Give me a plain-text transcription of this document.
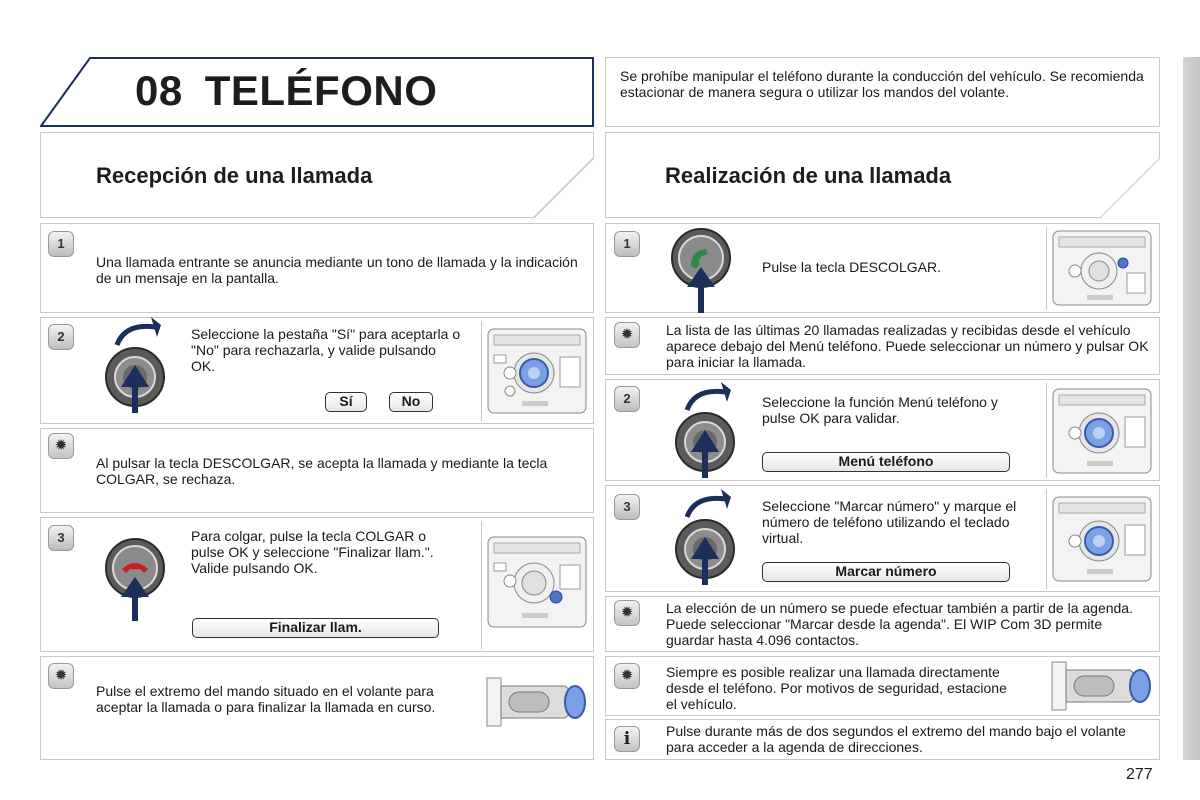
08 TELÉFONO	Se prohíbe manipular el teléfono durante la conducción del vehículo. Se recomienda estacionar de manera segura o utilizar los mandos del volante.
Recepción de una llamada
1
Una llamada entrante se anuncia mediante un tono de llamada y la indicación de un mensaje en la pantalla.
2	Seleccione la pestaña "Sí" para aceptarla o "No" para rechazarla, y valide pulsando OK.
Sí	No
✹
Al pulsar la tecla DESCOLGAR, se acepta la llamada y mediante la tecla COLGAR, se rechaza.
3	Para colgar, pulse la tecla COLGAR o pulse OK y seleccione "Finalizar llam.". Valide pulsando OK.
Finalizar llam.
✹
Pulse el extremo del mando situado en el volante para aceptar la llamada o para finalizar la llamada en curso.
Realización de una llamada
1
Pulse la tecla DESCOLGAR.
✹
La lista de las últimas 20 llamadas realizadas y recibidas desde el vehículo aparece debajo del Menú teléfono. Puede seleccionar un número y pulsar OK para iniciar la llamada.
2	Seleccione la función Menú teléfono y pulse OK para validar.
Menú teléfono
3	Seleccione "Marcar número" y marque el número de teléfono utilizando el teclado virtual.
Marcar número
✹
La elección de un número se puede efectuar también a partir de la agenda. Puede seleccionar "Marcar desde la agenda". El WIP Com 3D permite guardar hasta 4.096 contactos.
✹
Siempre es posible realizar una llamada directamente desde el teléfono. Por motivos de seguridad, estacione el vehículo.
i	Pulse durante más de dos segundos el extremo del mando bajo el volante para acceder a la agenda de direcciones.
277
